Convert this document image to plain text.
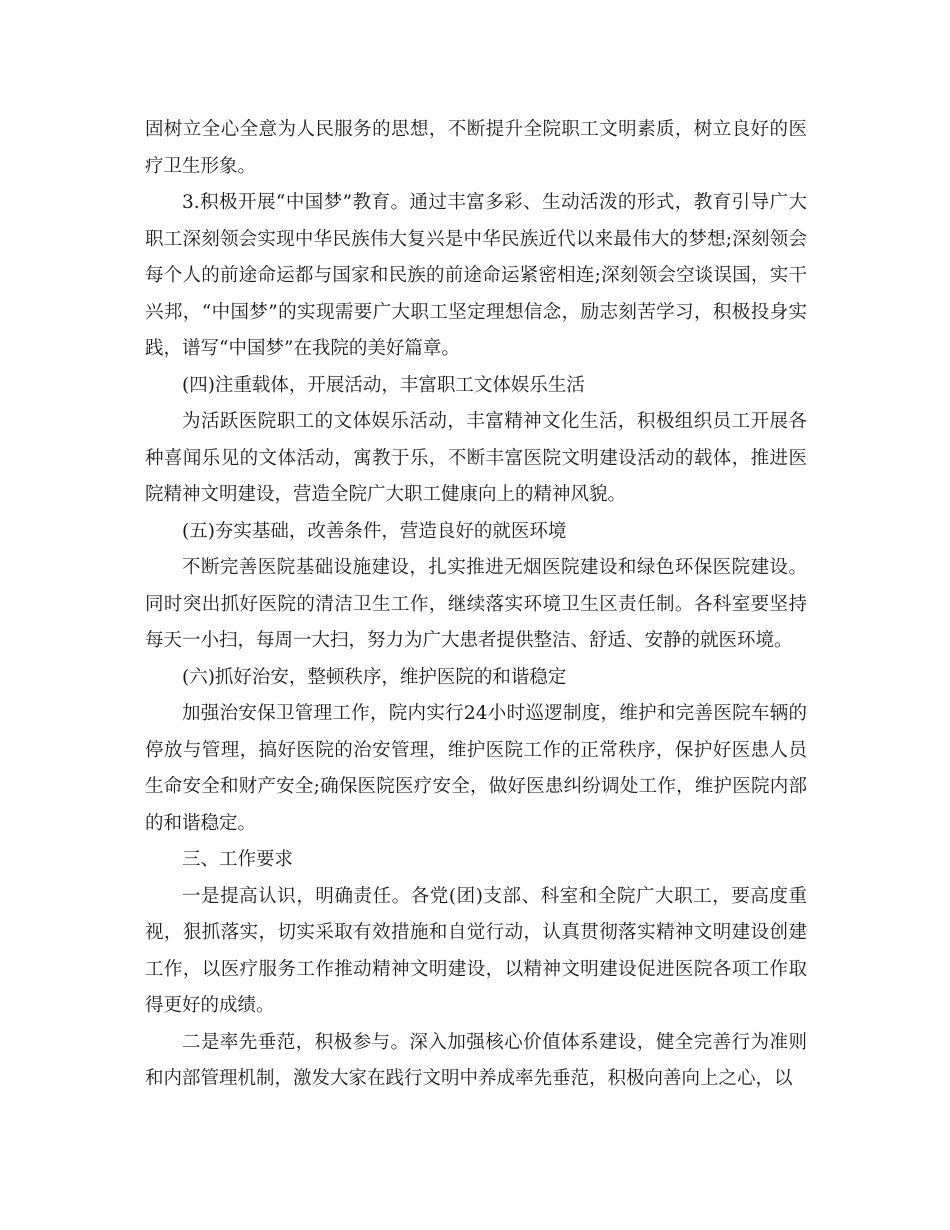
固树立全心全意为人民服务的思想，不断提升全院职工文明素质，树立良好的医疗卫生形象。

3.积极开展“中国梦”教育。通过丰富多彩、生动活泼的形式，教育引导广大职工深刻领会实现中华民族伟大复兴是中华民族近代以来最伟大的梦想;深刻领会每个人的前途命运都与国家和民族的前途命运紧密相连;深刻领会空谈误国，实干兴邦，“中国梦”的实现需要广大职工坚定理想信念，励志刻苦学习，积极投身实践，谱写“中国梦”在我院的美好篇章。

(四)注重载体，开展活动，丰富职工文体娱乐生活

为活跃医院职工的文体娱乐活动，丰富精神文化生活，积极组织员工开展各种喜闻乐见的文体活动，寓教于乐，不断丰富医院文明建设活动的载体，推进医院精神文明建设，营造全院广大职工健康向上的精神风貌。

(五)夯实基础，改善条件，营造良好的就医环境

不断完善医院基础设施建设，扎实推进无烟医院建设和绿色环保医院建设。同时突出抓好医院的清洁卫生工作，继续落实环境卫生区责任制。各科室要坚持每天一小扫，每周一大扫，努力为广大患者提供整洁、舒适、安静的就医环境。

(六)抓好治安，整顿秩序，维护医院的和谐稳定

加强治安保卫管理工作，院内实行24小时巡逻制度，维护和完善医院车辆的停放与管理，搞好医院的治安管理，维护医院工作的正常秩序，保护好医患人员生命安全和财产安全;确保医院医疗安全，做好医患纠纷调处工作，维护医院内部的和谐稳定。

三、工作要求

一是提高认识，明确责任。各党(团)支部、科室和全院广大职工，要高度重视，狠抓落实，切实采取有效措施和自觉行动，认真贯彻落实精神文明建设创建工作，以医疗服务工作推动精神文明建设，以精神文明建设促进医院各项工作取得更好的成绩。

二是率先垂范，积极参与。深入加强核心价值体系建设，健全完善行为准则和内部管理机制，激发大家在践行文明中养成率先垂范，积极向善向上之心，以
